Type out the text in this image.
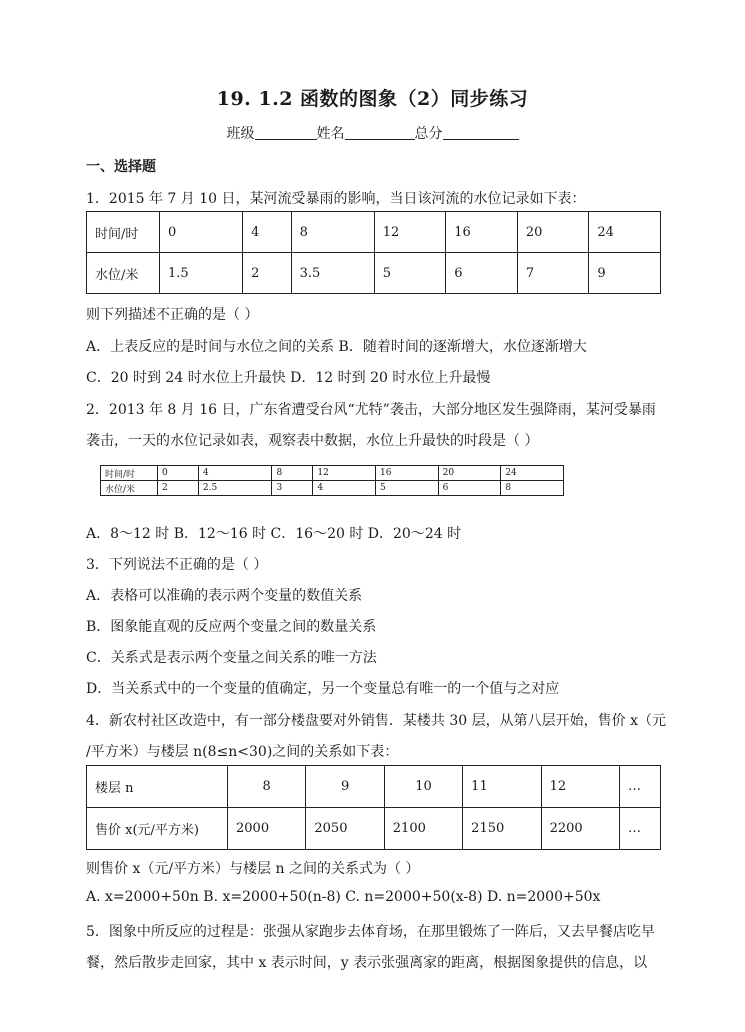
19. 1.2 函数的图象（2）同步练习
班级	姓名	总分
一、选择题
1．2015 年 7 月 10 日，某河流受暴雨的影响，当日该河流的水位记录如下表：
时间/时	0	4	8	12	16	20	24
水位/米	1.5	2	3.5	5	6	7	9
则下列描述不正确的是（ ）
A．上表反应的是时间与水位之间的关系 B．随着时间的逐渐增大，水位逐渐增大
C．20 时到 24 时水位上升最快 D．12 时到 20 时水位上升最慢
2．2013 年 8 月 16 日，广东省遭受台风“尤特”袭击，大部分地区发生强降雨，某河受暴雨
袭击，一天的水位记录如表，观察表中数据，水位上升最快的时段是（ ）
时间/时	0	4	8	12	16	20	24
水位/米	2	2.5	3	4	5	6	8
A．8～12 时 B．12～16 时 C．16～20 时 D．20～24 时
3．下列说法不正确的是（ ）
A．表格可以准确的表示两个变量的数值关系
B．图象能直观的反应两个变量之间的数量关系
C．关系式是表示两个变量之间关系的唯一方法
D．当关系式中的一个变量的值确定，另一个变量总有唯一的一个值与之对应
4．新农村社区改造中，有一部分楼盘要对外销售．某楼共 30 层，从第八层开始，售价 x（元
/平方米）与楼层 n(8≤n<30)之间的关系如下表：
楼层 n	8	9	10	11	12	…
售价 x(元/平方米)	2000	2050	2100	2150	2200	…
则售价 x（元/平方米）与楼层 n 之间的关系式为（ ）
A. x=2000+50n B. x=2000+50(n-8) C. n=2000+50(x-8) D. n=2000+50x
5．图象中所反应的过程是：张强从家跑步去体育场，在那里锻炼了一阵后，又去早餐店吃早
餐，然后散步走回家，其中 x 表示时间，y 表示张强离家的距离，根据图象提供的信息，以
